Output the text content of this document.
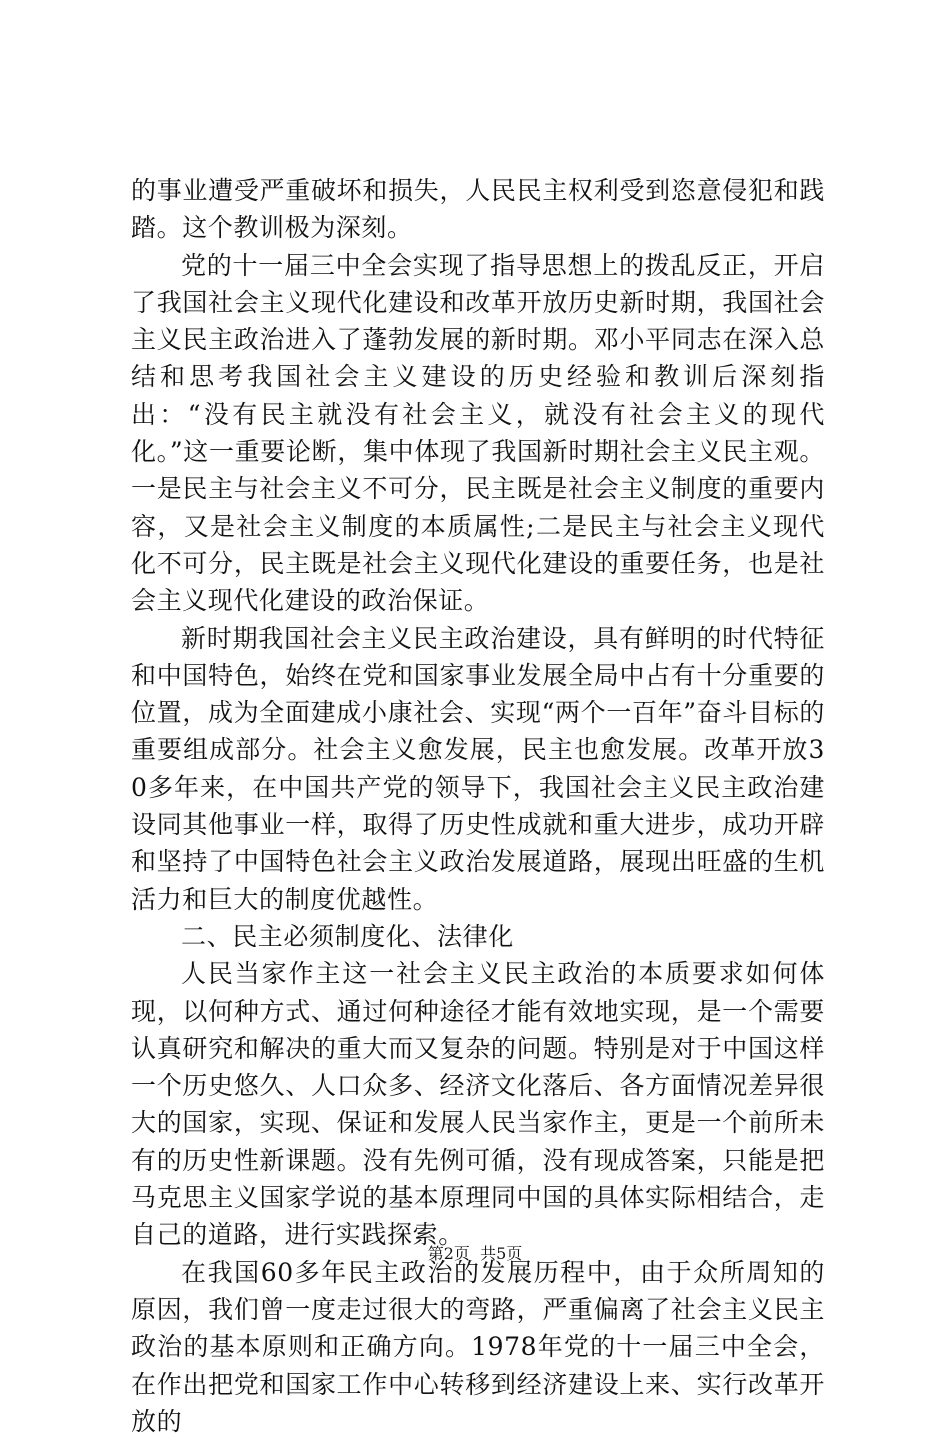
的事业遭受严重破坏和损失，人民民主权利受到恣意侵犯和践踏。这个教训极为深刻。

党的十一届三中全会实现了指导思想上的拨乱反正，开启了我国社会主义现代化建设和改革开放历史新时期，我国社会主义民主政治进入了蓬勃发展的新时期。邓小平同志在深入总结和思考我国社会主义建设的历史经验和教训后深刻指出：“没有民主就没有社会主义，就没有社会主义的现代化。”这一重要论断，集中体现了我国新时期社会主义民主观。一是民主与社会主义不可分，民主既是社会主义制度的重要内容，又是社会主义制度的本质属性;二是民主与社会主义现代化不可分，民主既是社会主义现代化建设的重要任务，也是社会主义现代化建设的政治保证。

新时期我国社会主义民主政治建设，具有鲜明的时代特征和中国特色，始终在党和国家事业发展全局中占有十分重要的位置，成为全面建成小康社会、实现“两个一百年”奋斗目标的重要组成部分。社会主义愈发展，民主也愈发展。改革开放30多年来，在中国共产党的领导下，我国社会主义民主政治建设同其他事业一样，取得了历史性成就和重大进步，成功开辟和坚持了中国特色社会主义政治发展道路，展现出旺盛的生机活力和巨大的制度优越性。

二、民主必须制度化、法律化

人民当家作主这一社会主义民主政治的本质要求如何体现，以何种方式、通过何种途径才能有效地实现，是一个需要认真研究和解决的重大而又复杂的问题。特别是对于中国这样一个历史悠久、人口众多、经济文化落后、各方面情况差异很大的国家，实现、保证和发展人民当家作主，更是一个前所未有的历史性新课题。没有先例可循，没有现成答案，只能是把马克思主义国家学说的基本原理同中国的具体实际相结合，走自己的道路，进行实践探索。

在我国60多年民主政治的发展历程中，由于众所周知的原因，我们曾一度走过很大的弯路，严重偏离了社会主义民主政治的基本原则和正确方向。1978年党的十一届三中全会，在作出把党和国家工作中心转移到经济建设上来、实行改革开放的

第2页  共5页
